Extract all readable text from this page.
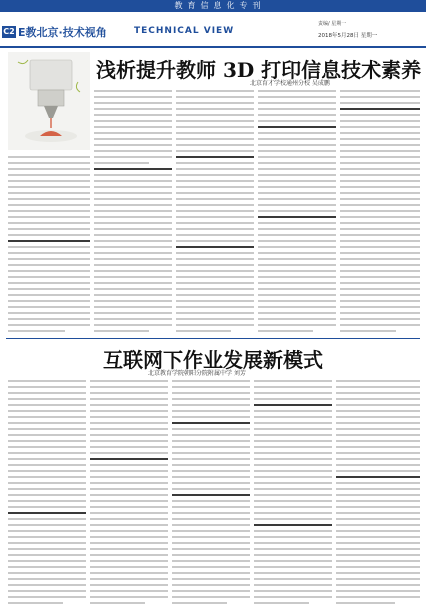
教育信息化专刊
C2 E教北京·技术视角	TECHNICAL VIEW
责编/ 星期一
2018年5月28日 星期一
浅析提升教师 3D 打印信息技术素养
北京育才学校通州分校 吴成鹏
互联网下作业发展新模式
北京教育学院朝阳分院附属中学 刘芳
